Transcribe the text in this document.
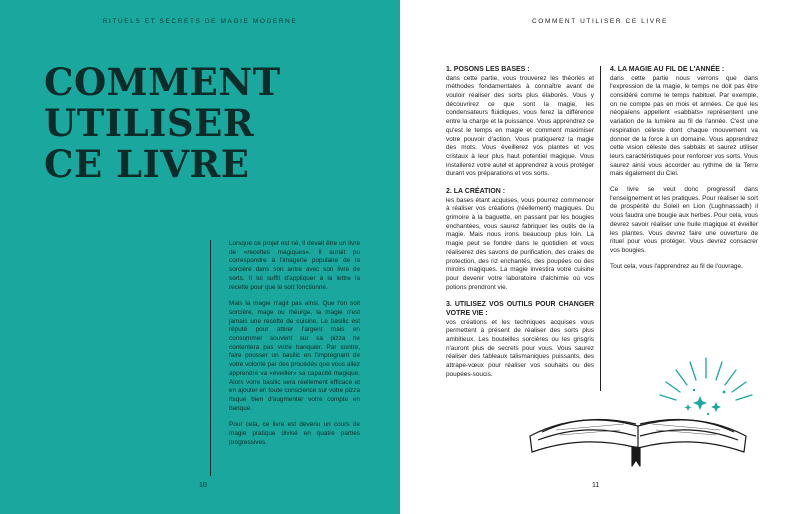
RITUELS ET SECRETS DE MAGIE MODERNE
COMMENT
UTILISER
CE LIVRE

Lorsque ce projet est né, il devait être un livre de «recettes magiques». Il aurait pu correspondre à l'imagerie populaire de la sorcière dans son antre avec son livre de sorts. Il lui suffit d'appliquer à la lettre la recette pour que le sort fonctionne.

Mais la magie n'agit pas ainsi. Que l'on soit sorcière, mage ou théurge, la magie n'est jamais une recette de cuisine. Le basilic est réputé pour attirer l'argent mais en consommer souvent sur sa pizza ne contentera pas votre banquier. Par contre, faire pousser un basilic en l'imprégnant de votre volonté par des procédés que vous allez apprendre va «éveiller» sa capacité magique. Alors votre basilic sera réellement efficace et en ajouter en toute conscience sur votre pizza risque bien d'augmenter votre compte en banque.

Pour cela, ce livre est devenu un cours de magie pratique divisé en quatre parties progressives.

10
COMMENT UTILISER CE LIVRE
1. POSONS LES BASES :

dans cette partie, vous trouverez les théories et méthodes fondamentales à connaître avant de vouloir réaliser des sorts plus élaborés. Vous y découvrirez ce que sont la magie, les condensateurs fluidiques, vous ferez la différence entre la charge et la puissance. Vous apprendrez ce qu'est le temps en magie et comment maximiser votre pouvoir d'action. Vous pratiquerez la magie des mots. Vous éveillerez vos plantes et vos cristaux à leur plus haut potentiel magique. Vous installerez votre autel et apprendrez à vous protéger durant vos préparations et vos sorts.

2. LA CRÉATION :

les bases étant acquises, vous pourrez commencer à réaliser vos créations (réellement) magiques. Du grimoire à la baguette, en passant par les bougies enchantées, vous saurez fabriquer les outils de la magie. Mais nous irons beaucoup plus loin. La magie peut se fondre dans le quotidien et vous réaliserez des savons de purification, des craies de protection, des riz enchantés, des poupées ou des miroirs magiques. La magie investira votre cuisine pour devenir votre laboratoire d'alchimie où vos potions prendront vie.

3. UTILISEZ VOS OUTILS POUR CHANGER VOTRE VIE :

vos créations et les techniques acquises vous permettent à présent de réaliser des sorts plus ambitieux. Les bouteilles sorcières ou les grisgris n'auront plus de secrets pour vous. Vous saurez réaliser des tableaux talismaniques puissants, des attrape-vœux pour réaliser vos souhaits ou des poupées-soucis.

4. LA MAGIE AU FIL DE L'ANNÉE :

dans cette partie nous verrons que dans l'expression de la magie, le temps ne doit pas être considéré comme le temps habituel. Par exemple, on ne compte pas en mois et années. Ce que les néopaïens appellent «sabbats» représentent une variation de la lumière au fil de l'année. C'est une respiration céleste dont chaque mouvement va donner de la force à un domaine. Vous apprendrez cette vision céleste des sabbats et saurez utiliser leurs caractéristiques pour renforcer vos sorts. Vous saurez ainsi vous accorder au rythme de la Terre mais également du Ciel.

Ce livre se veut donc progressif dans l'enseignement et les pratiques. Pour réaliser le sort de prospérité du Soleil en Lion (Lughnassadh) il vous faudra une bougie aux herbes. Pour cela, vous devrez savoir réaliser une huile magique et éveiller les plantes. Vous devrez faire une ouverture de rituel pour vous protéger. Vous devrez consacrer vos bougies.

Tout cela, vous l'apprendrez au fil de l'ouvrage.

11
